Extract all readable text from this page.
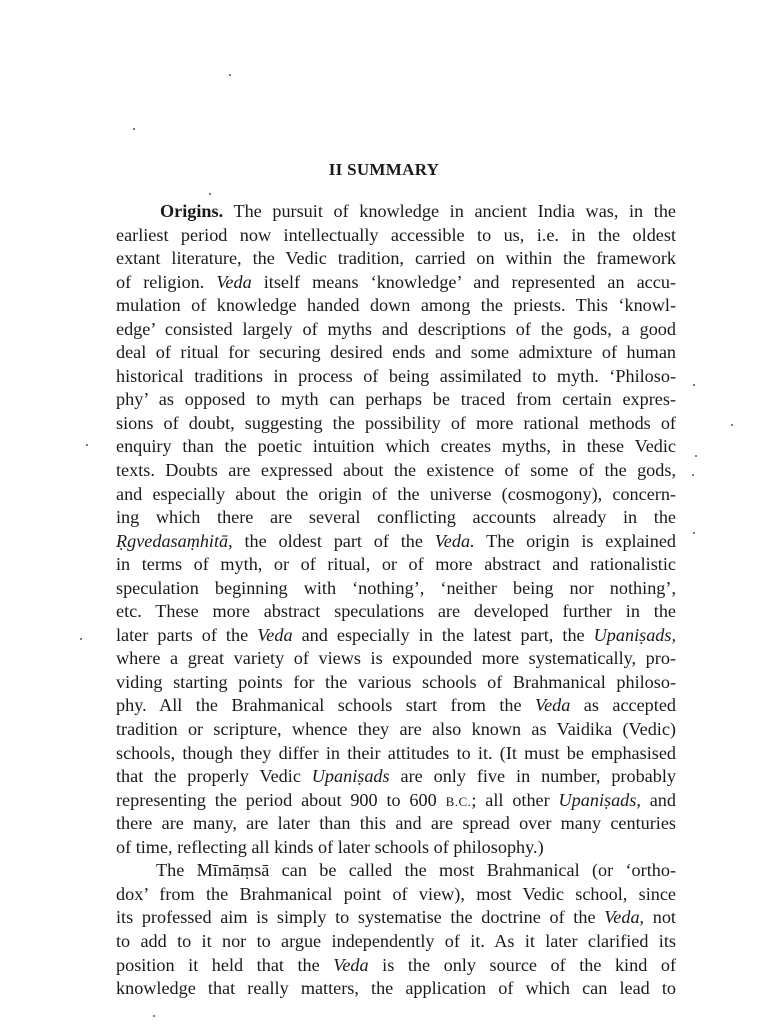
II SUMMARY
Origins. The pursuit of knowledge in ancient India was, in the
earliest period now intellectually accessible to us, i.e. in the oldest
extant literature, the Vedic tradition, carried on within the framework
of religion. Veda itself means ‘knowledge’ and represented an accu-
mulation of knowledge handed down among the priests. This ‘knowl-
edge’ consisted largely of myths and descriptions of the gods, a good
deal of ritual for securing desired ends and some admixture of human
historical traditions in process of being assimilated to myth. ‘Philoso-
phy’ as opposed to myth can perhaps be traced from certain expres-
sions of doubt, suggesting the possibility of more rational methods of
enquiry than the poetic intuition which creates myths, in these Vedic
texts. Doubts are expressed about the existence of some of the gods,
and especially about the origin of the universe (cosmogony), concern-
ing which there are several conflicting accounts already in the
Ṛgvedasaṃhitā, the oldest part of the Veda. The origin is explained
in terms of myth, or of ritual, or of more abstract and rationalistic
speculation beginning with ‘nothing’, ‘neither being nor nothing’,
etc. These more abstract speculations are developed further in the
later parts of the Veda and especially in the latest part, the Upaniṣads,
where a great variety of views is expounded more systematically, pro-
viding starting points for the various schools of Brahmanical philoso-
phy. All the Brahmanical schools start from the Veda as accepted
tradition or scripture, whence they are also known as Vaidika (Vedic)
schools, though they differ in their attitudes to it. (It must be emphasised
that the properly Vedic Upaniṣads are only five in number, probably
representing the period about 900 to 600 B.C.; all other Upaniṣads, and
there are many, are later than this and are spread over many centuries
of time, reflecting all kinds of later schools of philosophy.)
The Mīmāṃsā can be called the most Brahmanical (or ‘ortho-
dox’ from the Brahmanical point of view), most Vedic school, since
its professed aim is simply to systematise the doctrine of the Veda, not
to add to it nor to argue independently of it. As it later clarified its
position it held that the Veda is the only source of the kind of
knowledge that really matters, the application of which can lead to
